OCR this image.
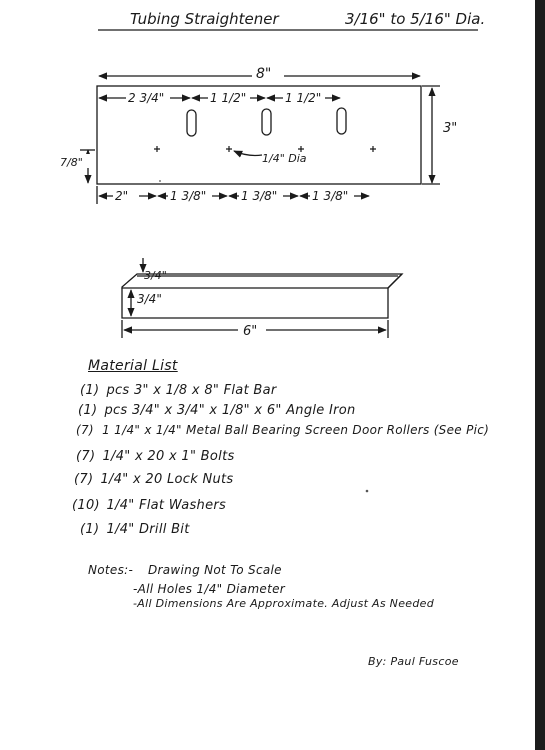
Tubing Straightener	3/16" to 5/16" Dia.
8"
3"
2 3/4"	1 1/2"	1 1/2"
7/8"	1/4" Dia
2"	1 3/8"	1 3/8"	1 3/8"
3/4"
3/4"
6"
Material List
(1) pcs 3" x 1/8 x 8" Flat Bar
(1) pcs 3/4" x 3/4" x 1/8" x 6" Angle Iron
(7) 1 1/4" x 1/4" Metal Ball Bearing Screen Door Rollers (See Pic)
(7) 1/4" x 20 x 1" Bolts
(7) 1/4" x 20 Lock Nuts
(10) 1/4" Flat Washers
(1) 1/4" Drill Bit
Notes:- Drawing Not To Scale
-All Holes 1/4" Diameter
-All Dimensions Are Approximate. Adjust As Needed
By: Paul Fuscoe
